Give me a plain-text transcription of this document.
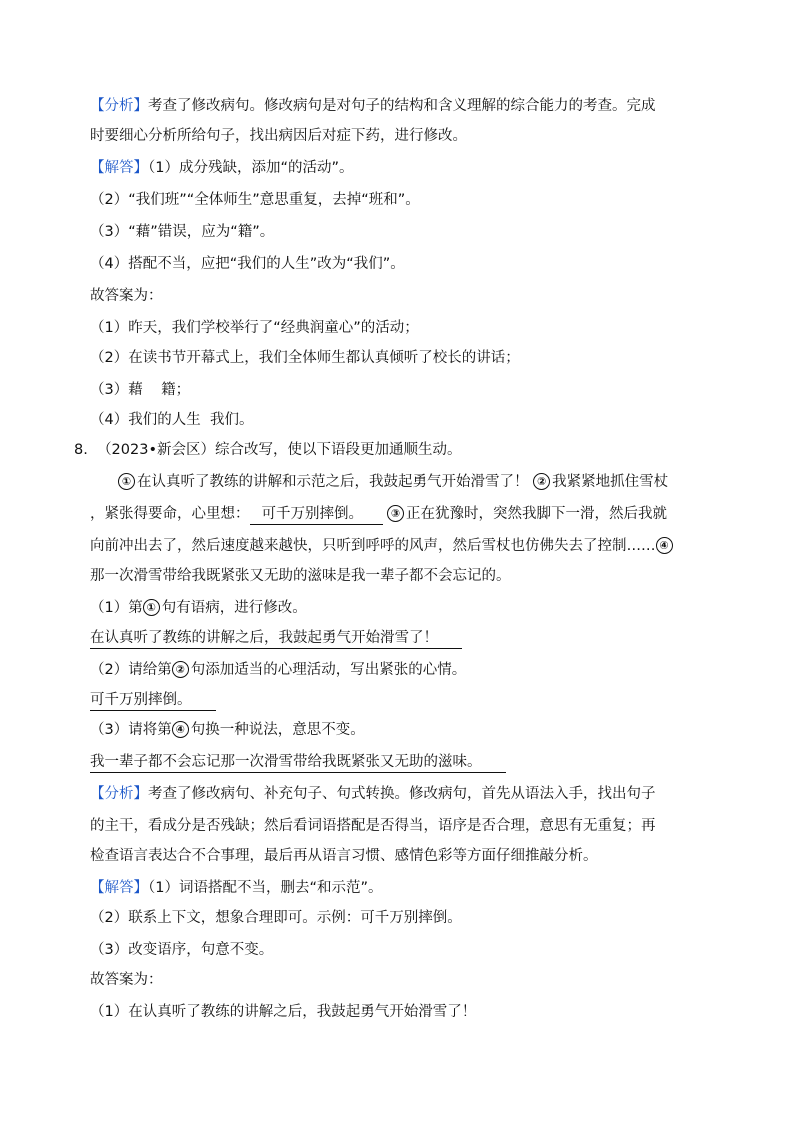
【分析】考查了修改病句。修改病句是对句子的结构和含义理解的综合能力的考查。完成
时要细心分析所给句子，找出病因后对症下药，进行修改。
【解答】（1）成分残缺，添加“的活动”。
（2）“我们班”“全体师生”意思重复，去掉“班和”。
（3）“藉”错误，应为“籍”。
（4）搭配不当，应把“我们的人生”改为“我们”。
故答案为：
（1）昨天，我们学校举行了“经典润童心”的活动；
（2）在读书节开幕式上，我们全体师生都认真倾听了校长的讲话；
（3）藉    籍；
（4）我们的人生  我们。
8. （2023•新会区）综合改写，使以下语段更加通顺生动。
① 在认真听了教练的讲解和示范之后，我鼓起勇气开始滑雪了！ ② 我紧紧地抓住雪杖
，紧张得要命，心里想： 可千万别摔倒。	③ 正在犹豫时，突然我脚下一滑，然后我就
向前冲出去了，然后速度越来越快，只听到呼呼的风声，然后雪杖也仿佛失去了控制…… ④
那一次滑雪带给我既紧张又无助的滋味是我一辈子都不会忘记的。
（1）第 ① 句有语病，进行修改。
在认真听了教练的讲解之后，我鼓起勇气开始滑雪了！
（2）请给第 ② 句添加适当的心理活动，写出紧张的心情。
可千万别摔倒。
（3）请将第 ④ 句换一种说法，意思不变。
我一辈子都不会忘记那一次滑雪带给我既紧张又无助的滋味。
【分析】考查了修改病句、补充句子、句式转换。修改病句，首先从语法入手，找出句子
的主干，看成分是否残缺；然后看词语搭配是否得当，语序是否合理，意思有无重复；再
检查语言表达合不合事理，最后再从语言习惯、感情色彩等方面仔细推敲分析。
【解答】（1）词语搭配不当，删去“和示范”。
（2）联系上下文，想象合理即可。示例：可千万别摔倒。
（3）改变语序，句意不变。
故答案为：
（1）在认真听了教练的讲解之后，我鼓起勇气开始滑雪了！
